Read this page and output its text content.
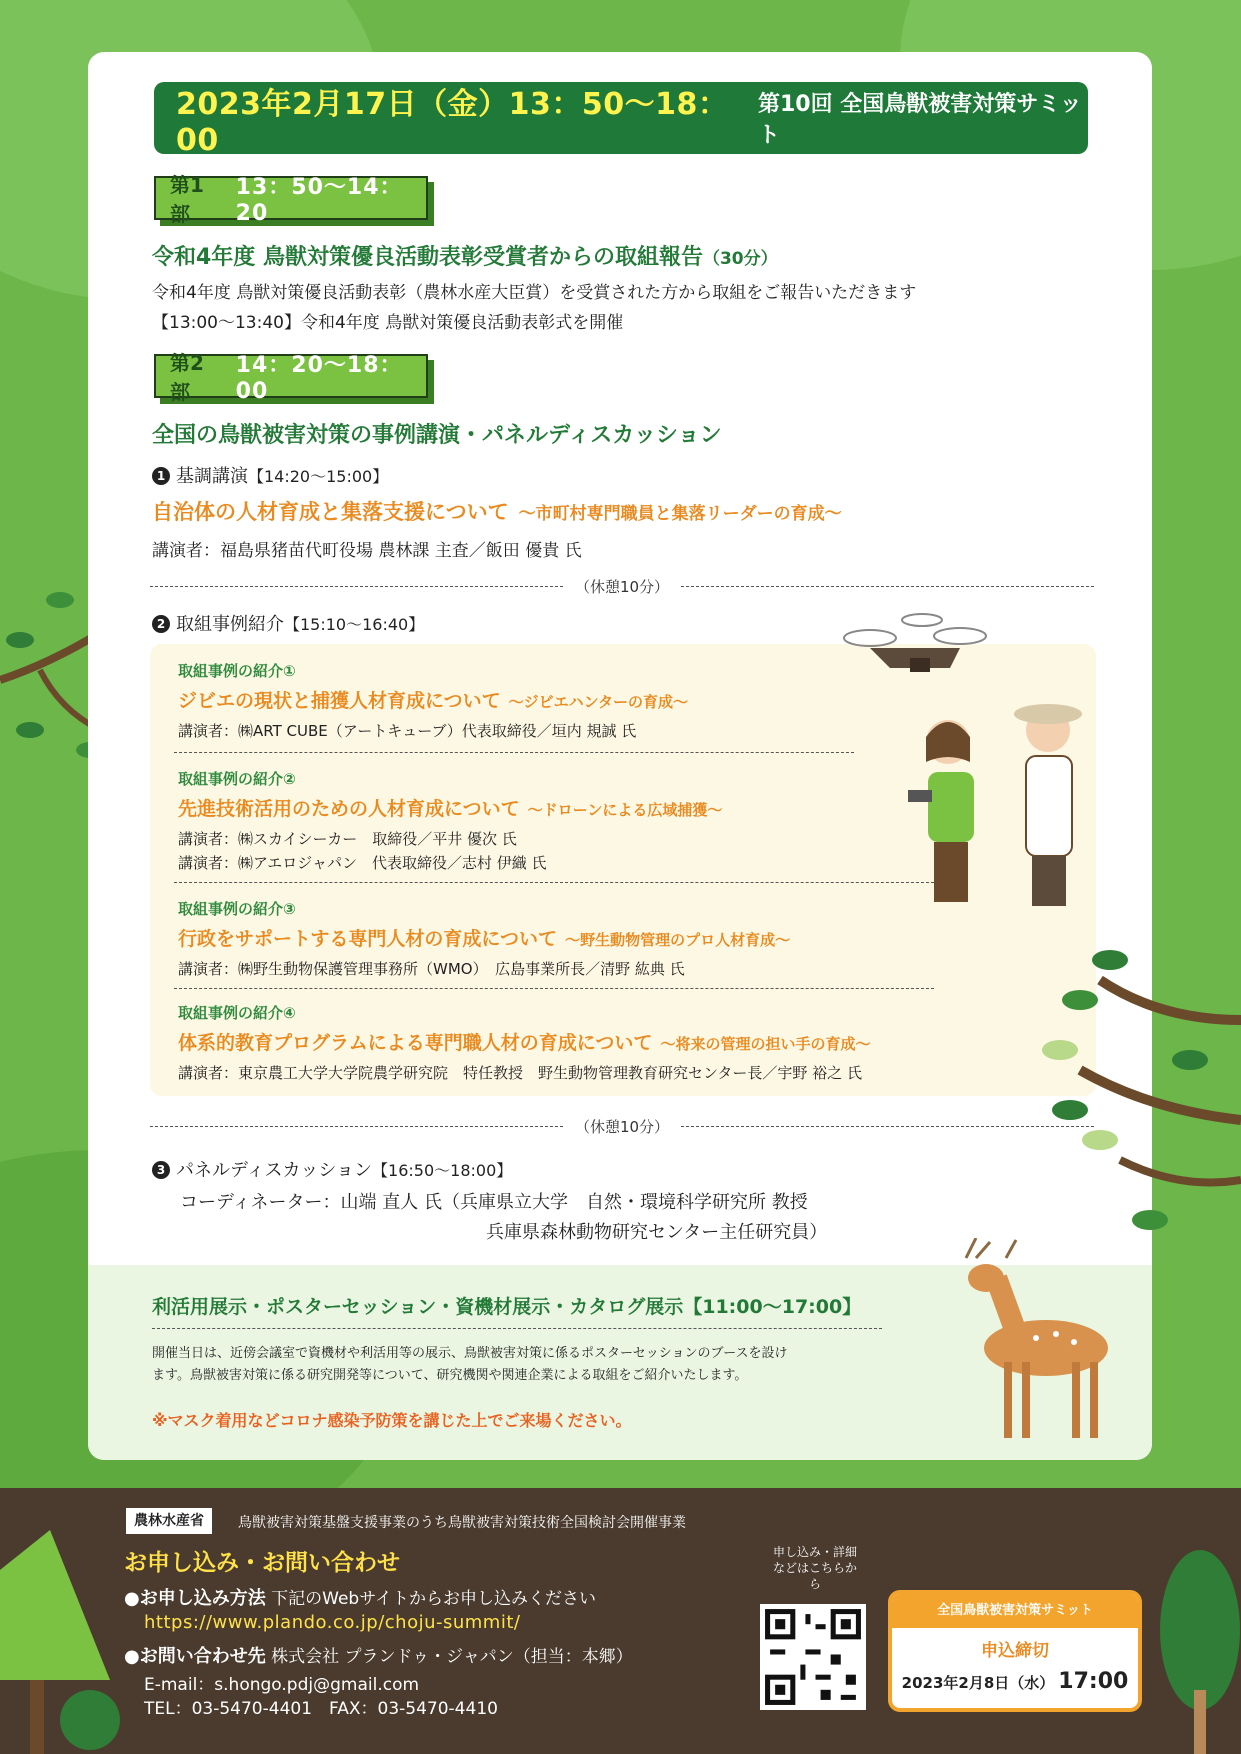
2023年2月17日（金）13：50〜18：00
第10回 全国鳥獣被害対策サミット
第1部
13：50〜14：20
令和4年度 鳥獣対策優良活動表彰受賞者からの取組報告（30分）
令和4年度 鳥獣対策優良活動表彰（農林水産大臣賞）を受賞された方から取組をご報告いただきます
【13:00〜13:40】令和4年度 鳥獣対策優良活動表彰式を開催
第2部
14：20〜18：00
全国の鳥獣被害対策の事例講演・パネルディスカッション
1 基調講演【14:20〜15:00】
自治体の人材育成と集落支援について 〜市町村専門職員と集落リーダーの育成〜
講演者：福島県猪苗代町役場 農林課 主査／飯田 優貴 氏
（休憩10分）
2 取組事例紹介【15:10〜16:40】
取組事例の紹介①
ジビエの現状と捕獲人材育成について 〜ジビエハンターの育成〜
講演者：㈱ART CUBE（アートキューブ）代表取締役／垣内 規誠 氏
取組事例の紹介②
先進技術活用のための人材育成について 〜ドローンによる広域捕獲〜
講演者：㈱スカイシーカー　取締役／平井 優次 氏
講演者：㈱アエロジャパン　代表取締役／志村 伊織 氏
取組事例の紹介③
行政をサポートする専門人材の育成について 〜野生動物管理のプロ人材育成〜
講演者：㈱野生動物保護管理事務所（WMO）　広島事業所長／清野 紘典 氏
取組事例の紹介④
体系的教育プログラムによる専門職人材の育成について 〜将来の管理の担い手の育成〜
講演者：東京農工大学大学院農学研究院　特任教授　野生動物管理教育研究センター長／宇野 裕之 氏
（休憩10分）
3 パネルディスカッション【16:50〜18:00】
コーディネーター：山端 直人 氏（兵庫県立大学　自然・環境科学研究所 教授
兵庫県森林動物研究センター主任研究員）
利活用展示・ポスターセッション・資機材展示・カタログ展示【11:00〜17:00】
開催当日は、近傍会議室で資機材や利活用等の展示、鳥獣被害対策に係るポスターセッションのブースを設け
ます。鳥獣被害対策に係る研究開発等について、研究機関や関連企業による取組をご紹介いたします。
※マスク着用などコロナ感染予防策を講じた上でご来場ください。
農林水産省	鳥獣被害対策基盤支援事業のうち鳥獣被害対策技術全国検討会開催事業
お申し込み・お問い合わせ
●お申し込み方法 下記のWebサイトからお申し込みください
https://www.plando.co.jp/choju-summit/
●お問い合わせ先 株式会社 プランドゥ・ジャパン（担当：本郷）
E-mail：s.hongo.pdj@gmail.com
TEL：03-5470-4401　FAX：03-5470-4410
申し込み・詳細などはこちらから
全国鳥獣被害対策サミット
申込締切
2023年2月8日（水） 17:00
